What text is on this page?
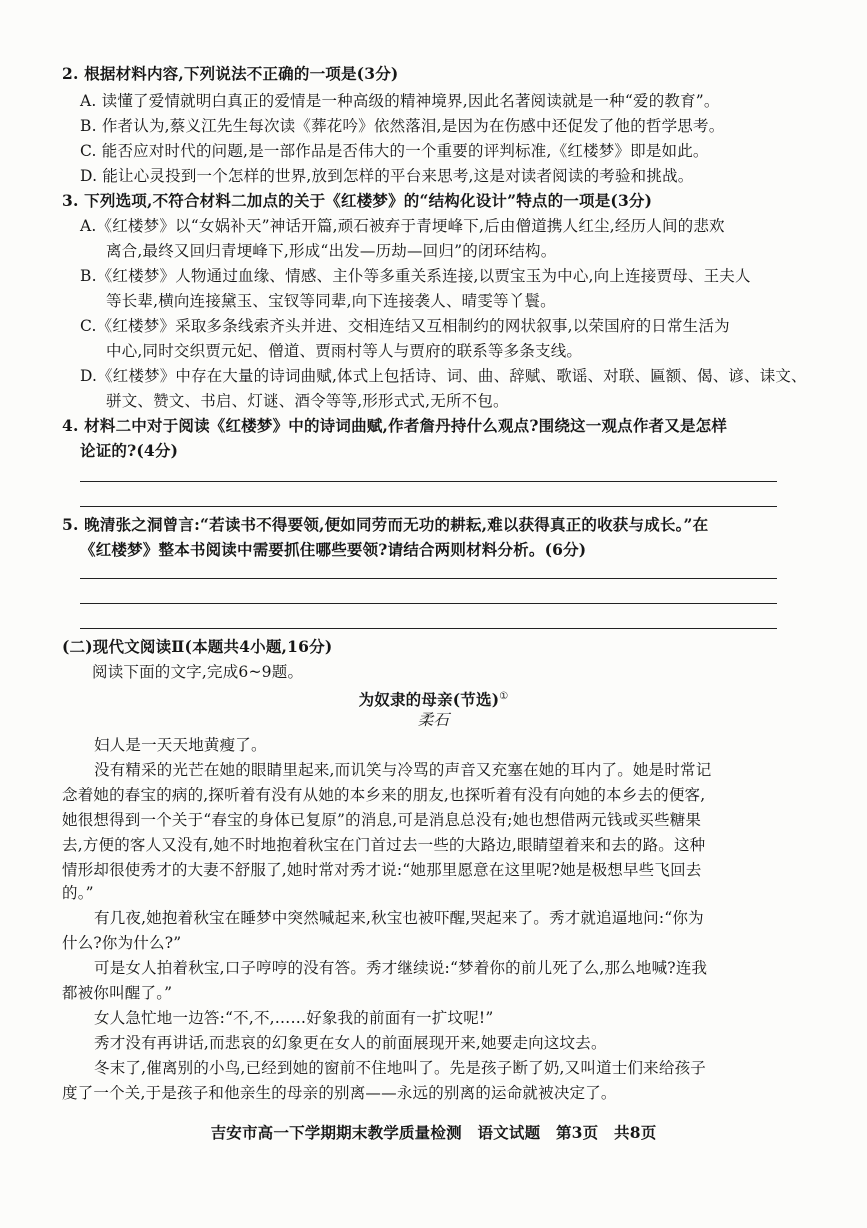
2. 根据材料内容,下列说法不正确的一项是(3分)
A. 读懂了爱情就明白真正的爱情是一种高级的精神境界,因此名著阅读就是一种“爱的教育”。
B. 作者认为,蔡义江先生每次读《葬花吟》依然落泪,是因为在伤感中还促发了他的哲学思考。
C. 能否应对时代的问题,是一部作品是否伟大的一个重要的评判标准,《红楼梦》即是如此。
D. 能让心灵投到一个怎样的世界,放到怎样的平台来思考,这是对读者阅读的考验和挑战。
3. 下列选项,不符合材料二加点的关于《红楼梦》的“结构化设计”特点的一项是(3分)
A.《红楼梦》以“女娲补天”神话开篇,顽石被弃于青埂峰下,后由僧道携人红尘,经历人间的悲欢
离合,最终又回归青埂峰下,形成“出发—历劫—回归”的闭环结构。
B.《红楼梦》人物通过血缘、情感、主仆等多重关系连接,以贾宝玉为中心,向上连接贾母、王夫人
等长辈,横向连接黛玉、宝钗等同辈,向下连接袭人、晴雯等丫鬟。
C.《红楼梦》采取多条线索齐头并进、交相连结又互相制约的网状叙事,以荣国府的日常生活为
中心,同时交织贾元妃、僧道、贾雨村等人与贾府的联系等多条支线。
D.《红楼梦》中存在大量的诗词曲赋,体式上包括诗、词、曲、辞赋、歌谣、对联、匾额、偈、谚、诔文、
骈文、赞文、书启、灯谜、酒令等等,形形式式,无所不包。
4. 材料二中对于阅读《红楼梦》中的诗词曲赋,作者詹丹持什么观点?围绕这一观点作者又是怎样
论证的?(4分)
5. 晚清张之洞曾言:“若读书不得要领,便如同劳而无功的耕耘,难以获得真正的收获与成长。”在
《红楼梦》整本书阅读中需要抓住哪些要领?请结合两则材料分析。(6分)
(二)现代文阅读Ⅱ(本题共4小题,16分)
阅读下面的文字,完成6~9题。
为奴隶的母亲(节选)①
柔石
妇人是一天天地黄瘦了。
没有精采的光芒在她的眼睛里起来,而讥笑与冷骂的声音又充塞在她的耳内了。她是时常记
念着她的春宝的病的,探听着有没有从她的本乡来的朋友,也探听着有没有向她的本乡去的便客,
她很想得到一个关于“春宝的身体已复原”的消息,可是消息总没有;她也想借两元钱或买些糖果
去,方便的客人又没有,她不时地抱着秋宝在门首过去一些的大路边,眼睛望着来和去的路。这种
情形却很使秀才的大妻不舒服了,她时常对秀才说:“她那里愿意在这里呢?她是极想早些飞回去
的。”
有几夜,她抱着秋宝在睡梦中突然喊起来,秋宝也被吓醒,哭起来了。秀才就追逼地问:“你为
什么?你为什么?”
可是女人拍着秋宝,口子哼哼的没有答。秀才继续说:“梦着你的前儿死了么,那么地喊?连我
都被你叫醒了。”
女人急忙地一边答:“不,不,……好象我的前面有一扩坟呢!”
秀才没有再讲话,而悲哀的幻象更在女人的前面展现开来,她要走向这坟去。
冬末了,催离别的小鸟,已经到她的窗前不住地叫了。先是孩子断了奶,又叫道士们来给孩子
度了一个关,于是孩子和他亲生的母亲的别离——永远的别离的运命就被决定了。
吉安市高一下学期期末教学质量检测　语文试题　第3页　共8页
